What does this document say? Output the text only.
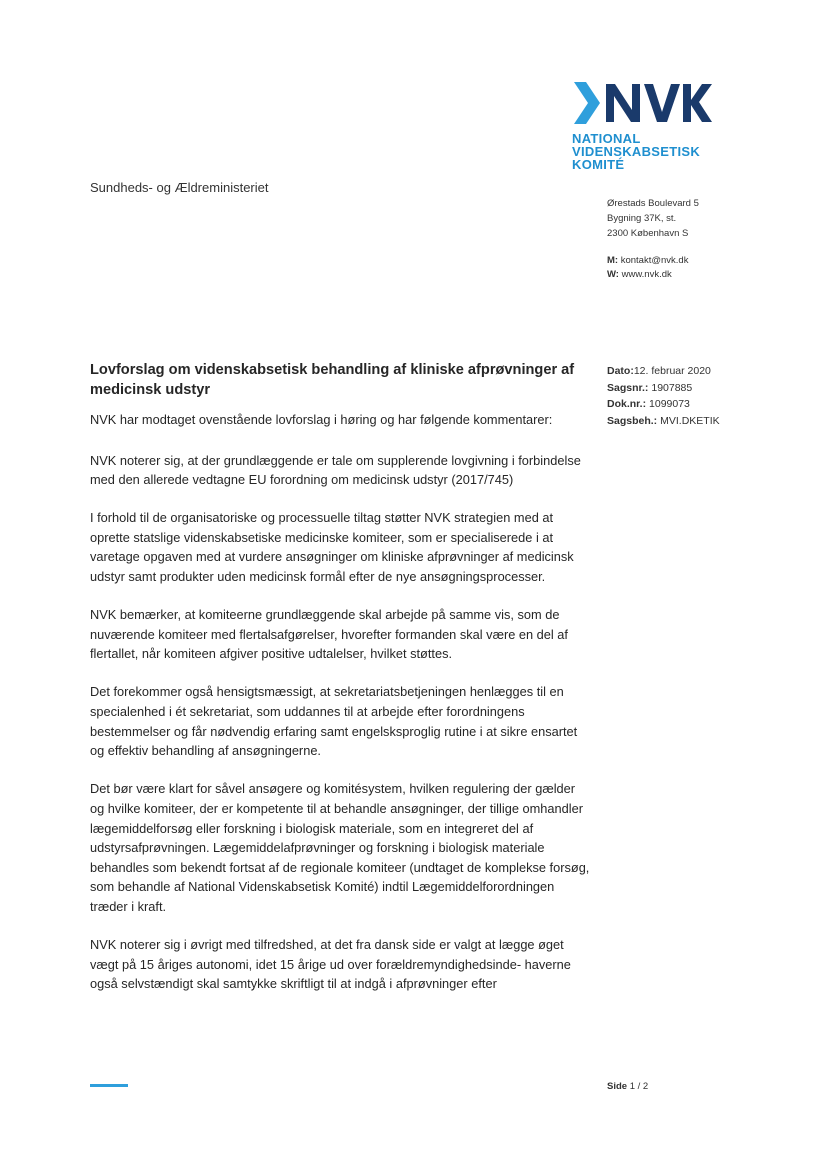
NATIONAL
VIDENSKABSETISK
KOMITÉ
Sundheds- og Ældreministeriet
Ørestads Boulevard 5
Bygning 37K, st.
2300 København S
M: kontakt@nvk.dk
W: www.nvk.dk
Dato:12. februar 2020
Sagsnr.: 1907885
Dok.nr.: 1099073
Sagsbeh.: MVI.DKETIK
Lovforslag om videnskabsetisk behandling af kliniske afprøvninger af medicinsk udstyr

NVK har modtaget ovenstående lovforslag i høring og har følgende kommentarer:

NVK noterer sig, at der grundlæggende er tale om supplerende lovgivning i forbindelse med den allerede vedtagne EU forordning om medicinsk udstyr (2017/745)

I forhold til de organisatoriske og processuelle tiltag støtter NVK strategien med at oprette statslige videnskabsetiske medicinske komiteer, som er specialiserede i at varetage opgaven med at vurdere ansøgninger om kliniske afprøvninger af medicinsk udstyr samt produkter uden medicinsk formål efter de nye ansøgningsprocesser.

NVK bemærker, at komiteerne grundlæggende skal arbejde på samme vis, som de nuværende komiteer med flertalsafgørelser, hvorefter formanden skal være en del af flertallet, når komiteen afgiver positive udtalelser, hvilket støttes.

Det forekommer også hensigtsmæssigt, at sekretariatsbetjeningen henlægges til en specialenhed i ét sekretariat, som uddannes til at arbejde efter forordningens bestemmelser og får nødvendig erfaring samt engelsksproglig rutine i at sikre ensartet og effektiv behandling af ansøgningerne.

Det bør være klart for såvel ansøgere og komitésystem, hvilken regulering der gælder og hvilke komiteer, der er kompetente til at behandle ansøgninger, der tillige omhandler lægemiddelforsøg eller forskning i biologisk materiale, som en integreret del af udstyrsafprøvningen. Lægemiddelafprøvninger og forskning i biologisk materiale behandles som bekendt fortsat af de regionale komiteer (undtaget de komplekse forsøg, som behandle af National Videnskabsetisk Komité) indtil Lægemiddelforordningen træder i kraft.

NVK noterer sig i øvrigt med tilfredshed, at det fra dansk side er valgt at lægge øget vægt på 15 åriges autonomi, idet 15 årige ud over forældremyndighedsinde- haverne også selvstændigt skal samtykke skriftligt til at indgå i afprøvninger efter

Side 1 / 2
